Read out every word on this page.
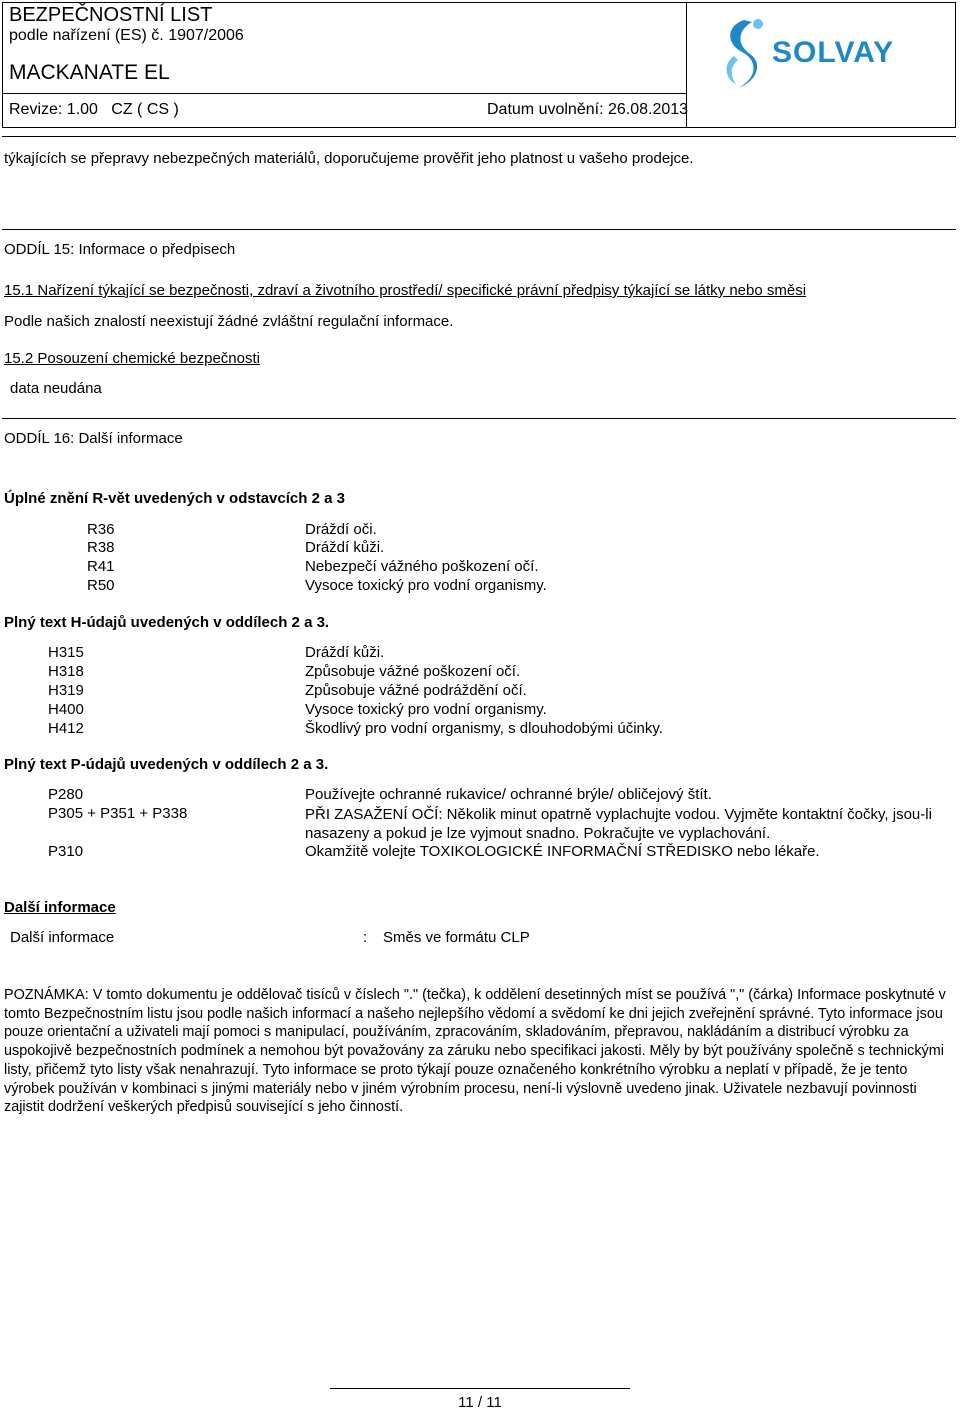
BEZPEČNOSTNÍ LIST
podle nařízení (ES) č. 1907/2006
MACKANATE EL
Revize: 1.00   CZ ( CS )	Datum uvolnění: 26.08.2013
SOLVAY
týkajících se přepravy nebezpečných materiálů, doporučujeme prověřit jeho platnost u vašeho prodejce.
ODDÍL 15: Informace o předpisech
15.1 Nařízení týkající se bezpečnosti, zdraví a životního prostředí/ specifické právní předpisy týkající se látky nebo směsi
Podle našich znalostí neexistují žádné zvláštní regulační informace.
15.2 Posouzení chemické bezpečnosti
data neudána
ODDÍL 16: Další informace
Úplné znění R-vět uvedených v odstavcích 2 a 3
R36	Dráždí oči.
R38	Dráždí kůži.
R41	Nebezpečí vážného poškození očí.
R50	Vysoce toxický pro vodní organismy.
Plný text H-údajů uvedených v oddílech 2 a 3.
H315	Dráždí kůži.
H318	Způsobuje vážné poškození očí.
H319	Způsobuje vážné podráždění očí.
H400	Vysoce toxický pro vodní organismy.
H412	Škodlivý pro vodní organismy, s dlouhodobými účinky.
Plný text P-údajů uvedených v oddílech 2 a 3.
P280	Používejte ochranné rukavice/ ochranné brýle/ obličejový štít.
P305 + P351 + P338	PŘI ZASAŽENÍ OČÍ: Několik minut opatrně vyplachujte vodou. Vyjměte kontaktní čočky, jsou-li nasazeny a pokud je lze vyjmout snadno. Pokračujte ve vyplachování.
P310	Okamžitě volejte TOXIKOLOGICKÉ INFORMAČNÍ STŘEDISKO nebo lékaře.
Další informace
Další informace	: Směs ve formátu CLP
POZNÁMKA: V tomto dokumentu je oddělovač tisíců v číslech "." (tečka), k oddělení desetinných míst se používá "," (čárka) Informace poskytnuté v tomto Bezpečnostním listu jsou podle našich informací a našeho nejlepšího vědomí a svědomí ke dni jejich zveřejnění správné. Tyto informace jsou pouze orientační a uživateli mají pomoci s manipulací, používáním, zpracováním, skladováním, přepravou, nakládáním a distribucí výrobku za uspokojivě bezpečnostních podmínek a nemohou být považovány za záruku nebo specifikaci jakosti. Měly by být používány společně s technickými listy, přičemž tyto listy však nenahrazují. Tyto informace se proto týkají pouze označeného konkrétního výrobku a neplatí v případě, že je tento výrobek používán v kombinaci s jinými materiály nebo v jiném výrobním procesu, není-li výslovně uvedeno jinak. Uživatele nezbavují povinnosti zajistit dodržení veškerých předpisů související s jeho činností.
11 / 11
